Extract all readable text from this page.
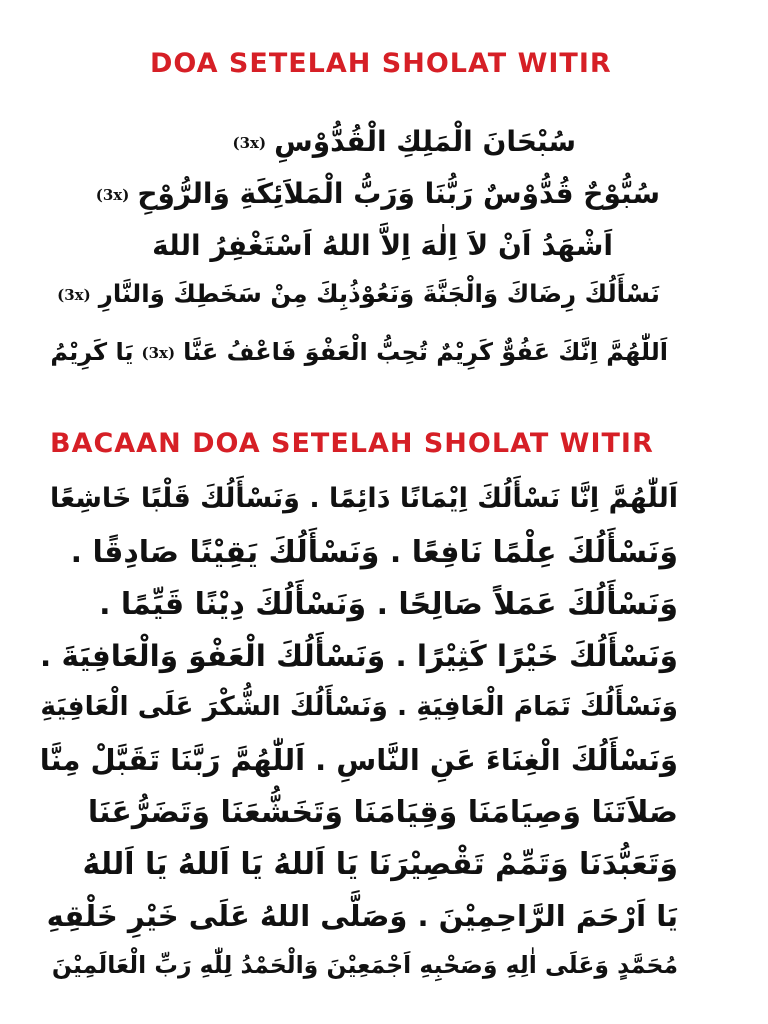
DOA SETELAH SHOLAT WITIR
سُبْحَانَ الْمَلِكِ الْقُدُّوْسِ(3x)
سُبُّوْحٌ قُدُّوْسٌ رَبُّنَا وَرَبُّ الْمَلاَئِكَةِ وَالرُّوْحِ(3x)
اَشْهَدُ اَنْ لاَ اِلٰهَ اِلاَّ اللهُ اَسْتَغْفِرُ اللهَ
نَسْأَلُكَ رِضَاكَ وَالْجَنَّةَ وَنَعُوْذُبِكَ مِنْ سَخَطِكَ وَالنَّارِ(3x)
اَللّٰهُمَّ اِنَّكَ عَفُوٌّ كَرِيْمٌ تُحِبُّ الْعَفْوَ فَاعْفُ عَنَّا(3x)يَا كَرِيْمُ
BACAAN DOA SETELAH SHOLAT WITIR
اَللّٰهُمَّ اِنَّا نَسْأَلُكَ اِيْمَانًا دَائِمًا . وَنَسْأَلُكَ قَلْبًا خَاشِعًا
وَنَسْأَلُكَ عِلْمًا نَافِعًا . وَنَسْأَلُكَ يَقِيْنًا صَادِقًا .
وَنَسْأَلُكَ عَمَلاً صَالِحًا . وَنَسْأَلُكَ دِيْنًا قَيِّمًا .
وَنَسْأَلُكَ خَيْرًا كَثِيْرًا . وَنَسْأَلُكَ الْعَفْوَ وَالْعَافِيَةَ .
وَنَسْأَلُكَ تَمَامَ الْعَافِيَةِ . وَنَسْأَلُكَ الشُّكْرَ عَلَى الْعَافِيَةِ
وَنَسْأَلُكَ الْغِنَاءَ عَنِ النَّاسِ . اَللّٰهُمَّ رَبَّنَا تَقَبَّلْ مِنَّا
صَلاَتَنَا وَصِيَامَنَا وَقِيَامَنَا وَتَخَشُّعَنَا وَتَضَرُّعَنَا
وَتَعَبُّدَنَا وَتَمِّمْ تَقْصِيْرَنَا يَا اَللهُ يَا اَللهُ يَا اَللهُ
يَا اَرْحَمَ الرَّاحِمِيْنَ . وَصَلَّى اللهُ عَلَى خَيْرِ خَلْقِهِ
مُحَمَّدٍ وَعَلَى اٰلِهِ وَصَحْبِهِ اَجْمَعِيْنَ وَالْحَمْدُ لِلّٰهِ رَبِّ الْعَالَمِيْنَ
